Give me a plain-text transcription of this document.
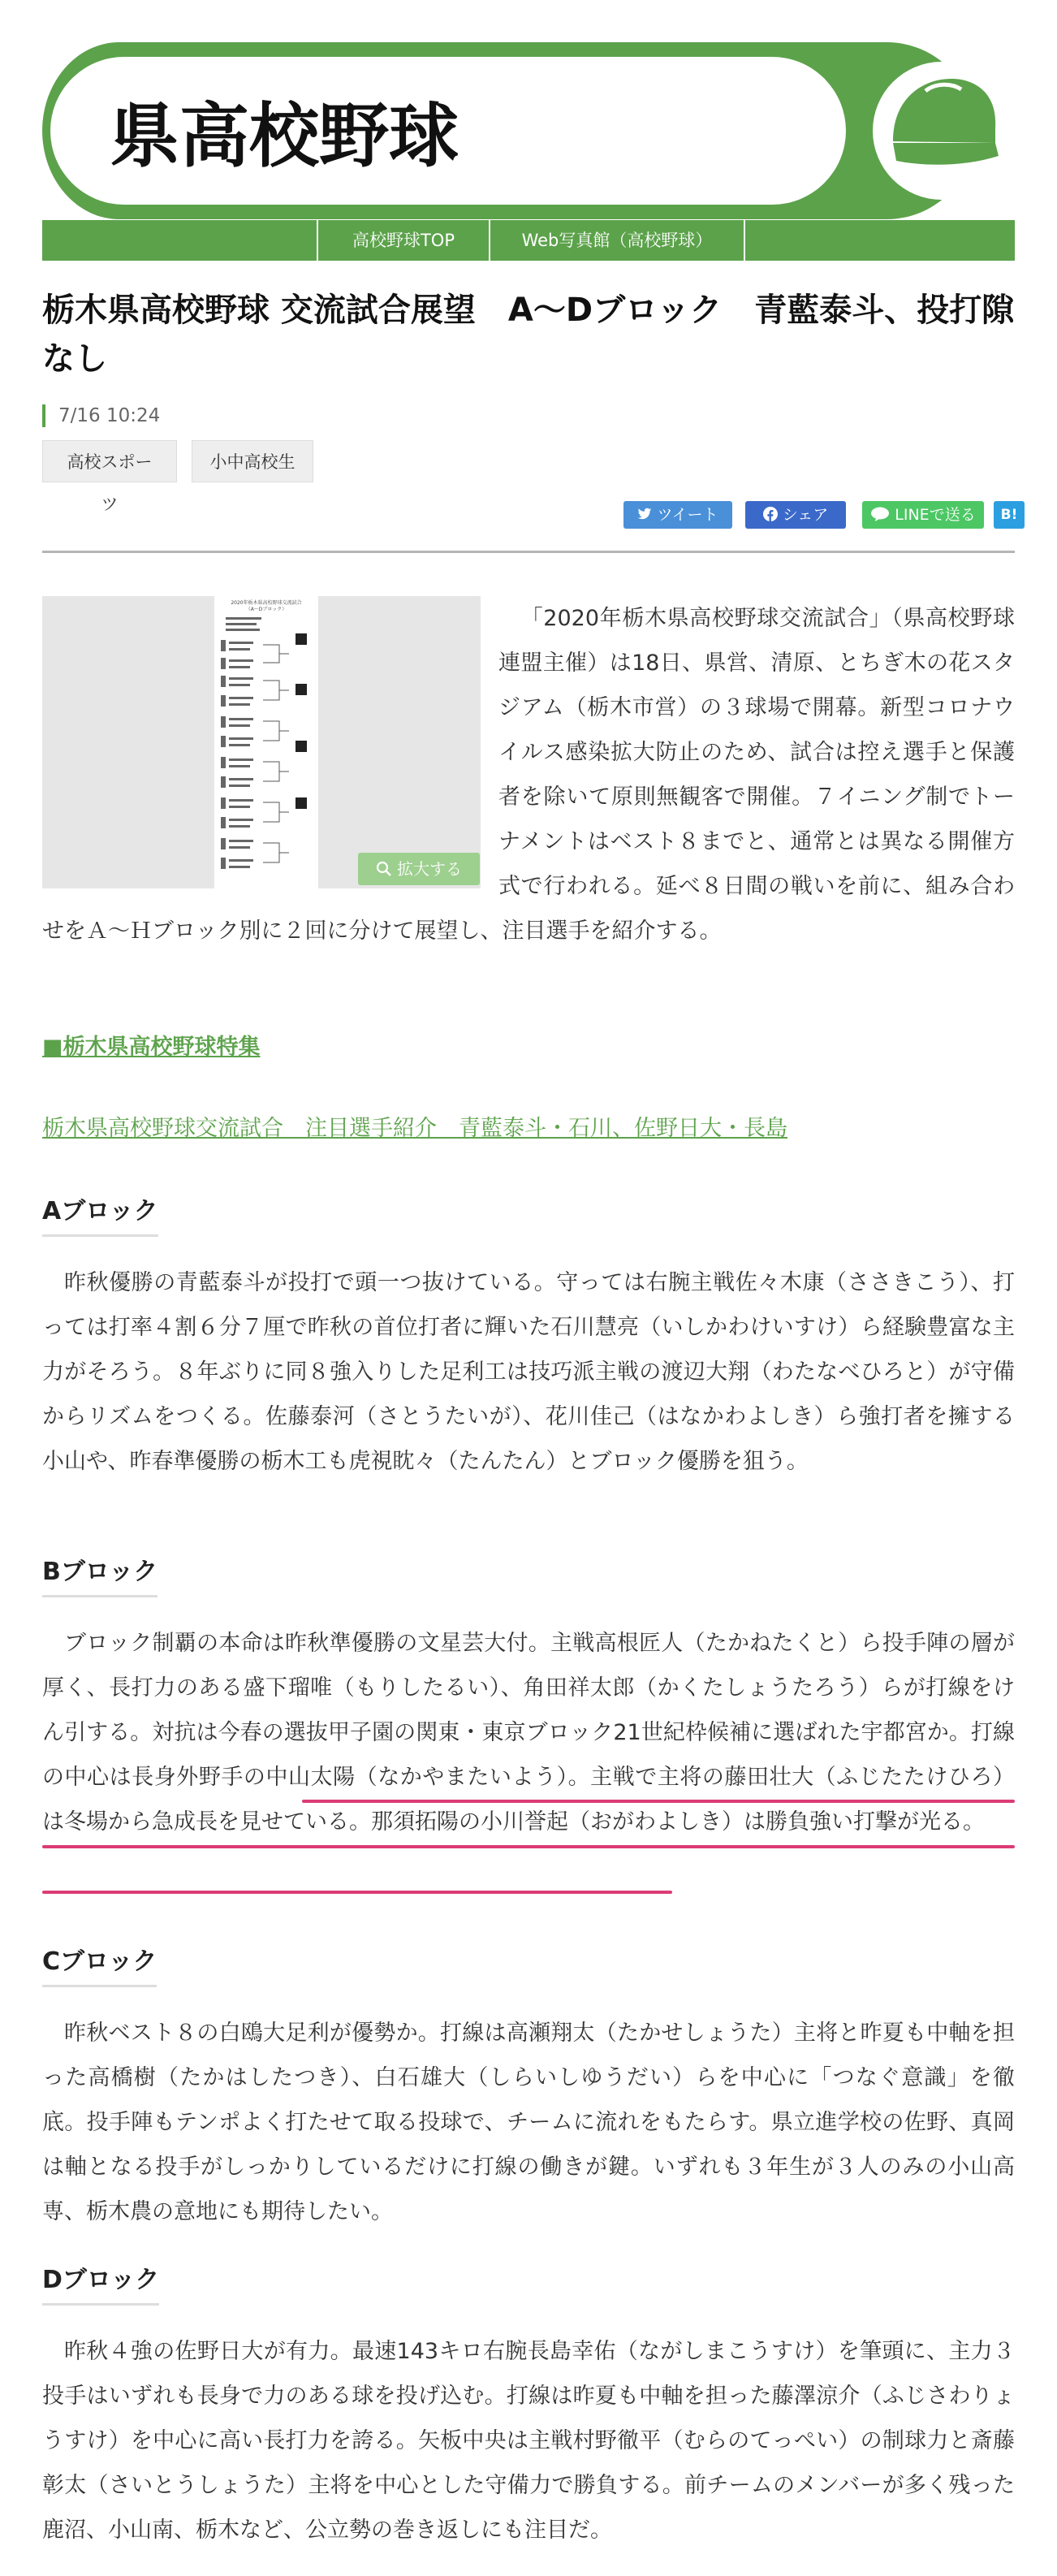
県高校野球
高校野球TOP	Web写真館（高校野球）
栃木県高校野球 交流試合展望　A〜Dブロック　青藍泰斗、投打隙なし
7/16 10:24
高校スポーツ
小中高校生
ツイート	シェア	LINEで送る	B!
2020年栃木県高校野球交流試合
（A～Dブロック）
拡大する
「2020年栃木県高校野球交流試合」（県高校野球連盟主催）は18日、県営、清原、とちぎ木の花スタジアム（栃木市営）の３球場で開幕。新型コロナウイルス感染拡大防止のため、試合は控え選手と保護者を除いて原則無観客で開催。７イニング制でトーナメントはベスト８までと、通常とは異なる開催方式で行われる。延べ８日間の戦いを前に、組み合わせをＡ～Ｈブロック別に２回に分けて展望し、注目選手を紹介する。
■栃木県高校野球特集
栃木県高校野球交流試合　注目選手紹介　青藍泰斗・石川、佐野日大・長島
Aブロック
昨秋優勝の青藍泰斗が投打で頭一つ抜けている。守っては右腕主戦佐々木康（ささきこう）、打っては打率４割６分７厘で昨秋の首位打者に輝いた石川慧亮（いしかわけいすけ）ら経験豊富な主力がそろう。８年ぶりに同８強入りした足利工は技巧派主戦の渡辺大翔（わたなべひろと）が守備からリズムをつくる。佐藤泰河（さとうたいが）、花川佳己（はなかわよしき）ら強打者を擁する小山や、昨春準優勝の栃木工も虎視眈々（たんたん）とブロック優勝を狙う。
Bブロック
ブロック制覇の本命は昨秋準優勝の文星芸大付。主戦高根匠人（たかねたくと）ら投手陣の層が厚く、長打力のある盛下瑠唯（もりしたるい）、角田祥太郎（かくたしょうたろう）らが打線をけん引する。対抗は今春の選抜甲子園の関東・東京ブロック21世紀枠候補に選ばれた宇都宮か。打線の中心は長身外野手の中山太陽（なかやまたいよう）。主戦で主将の藤田壮大（ふじたたけひろ）は冬場から急成長を見せている。那須拓陽の小川誉起（おがわよしき）は勝負強い打撃が光る。
Cブロック
昨秋ベスト８の白鴎大足利が優勢か。打線は高瀬翔太（たかせしょうた）主将と昨夏も中軸を担った高橋樹（たかはしたつき）、白石雄大（しらいしゆうだい）らを中心に「つなぐ意識」を徹底。投手陣もテンポよく打たせて取る投球で、チームに流れをもたらす。県立進学校の佐野、真岡は軸となる投手がしっかりしているだけに打線の働きが鍵。いずれも３年生が３人のみの小山高専、栃木農の意地にも期待したい。
Dブロック
昨秋４強の佐野日大が有力。最速143キロ右腕長島幸佑（ながしまこうすけ）を筆頭に、主力３投手はいずれも長身で力のある球を投げ込む。打線は昨夏も中軸を担った藤澤涼介（ふじさわりょうすけ）を中心に高い長打力を誇る。矢板中央は主戦村野徹平（むらのてっぺい）の制球力と斎藤彰太（さいとうしょうた）主将を中心とした守備力で勝負する。前チームのメンバーが多く残った鹿沼、小山南、栃木など、公立勢の巻き返しにも注目だ。
